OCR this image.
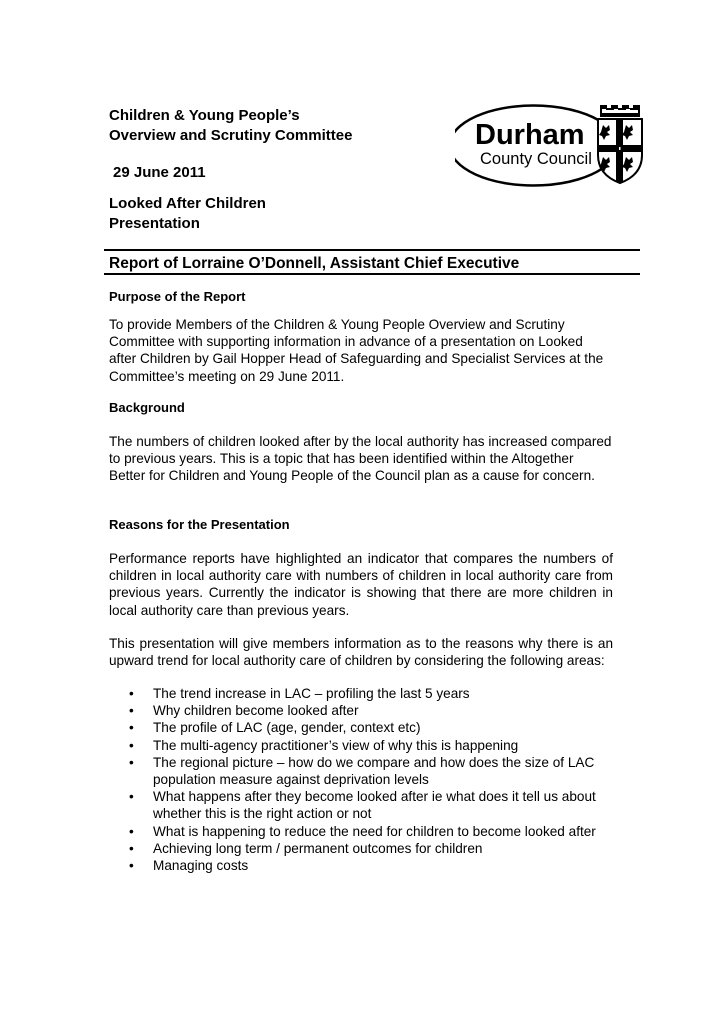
Children & Young People’s
Overview and Scrutiny Committee

29 June 2011

Looked After Children
Presentation

Durham
County Council
Report of Lorraine O’Donnell, Assistant Chief Executive
Purpose of the Report

To provide Members of the Children & Young People Overview and Scrutiny Committee with supporting information in advance of a presentation on Looked after Children by Gail Hopper Head of Safeguarding and Specialist Services at the Committee’s meeting on 29 June 2011.

Background

The numbers of children looked after by the local authority has increased compared to previous years. This is a topic that has been identified within the Altogether Better for Children and Young People of the Council plan as a cause for concern.

Reasons for the Presentation

Performance reports have highlighted an indicator that compares the numbers of children in local authority care with numbers of children in local authority care from previous years. Currently the indicator is showing that there are more children in local authority care than previous years.

This presentation will give members information as to the reasons why there is an upward trend for local authority care of children by considering the following areas:

• The trend increase in LAC – profiling the last 5 years
• Why children become looked after
• The profile of LAC (age, gender, context etc)
• The multi-agency practitioner’s view of why this is happening
• The regional picture – how do we compare and how does the size of LAC population measure against deprivation levels
• What happens after they become looked after ie what does it tell us about whether this is the right action or not
• What is happening to reduce the need for children to become looked after
• Achieving long term / permanent outcomes for children
• Managing costs
